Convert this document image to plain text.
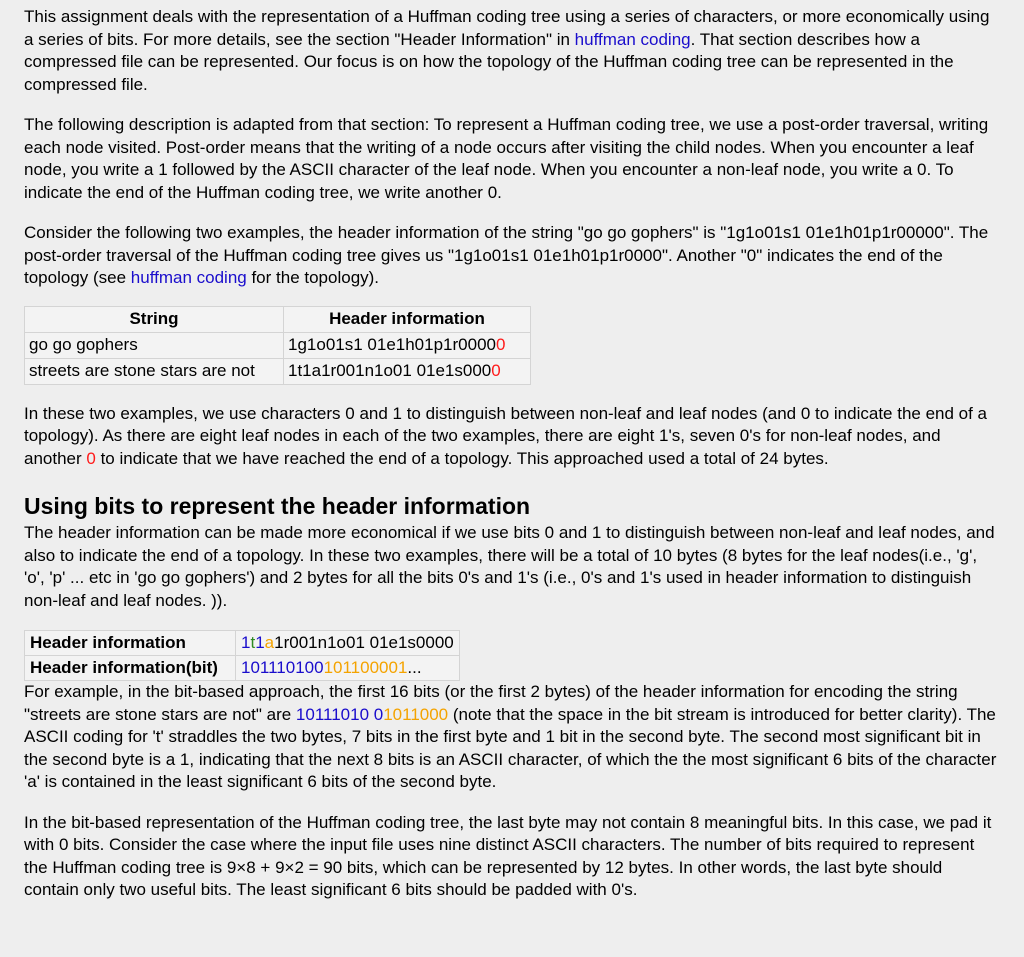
This assignment deals with the representation of a Huffman coding tree using a series of characters, or more economically using a series of bits. For more details, see the section "Header Information" in huffman coding. That section describes how a compressed file can be represented. Our focus is on how the topology of the Huffman coding tree can be represented in the compressed file.

The following description is adapted from that section: To represent a Huffman coding tree, we use a post-order traversal, writing each node visited. Post-order means that the writing of a node occurs after visiting the child nodes. When you encounter a leaf node, you write a 1 followed by the ASCII character of the leaf node. When you encounter a non-leaf node, you write a 0. To indicate the end of the Huffman coding tree, we write another 0.

Consider the following two examples, the header information of the string "go go gophers" is "1g1o01s1 01e1h01p1r00000". The post-order traversal of the Huffman coding tree gives us "1g1o01s1 01e1h01p1r0000". Another "0" indicates the end of the topology (see huffman coding for the topology).

String	Header information
go go gophers	1g1o01s1 01e1h01p1r00000
streets are stone stars are not	1t1a1r001n1o01 01e1s0000

In these two examples, we use characters 0 and 1 to distinguish between non-leaf and leaf nodes (and 0 to indicate the end of a topology). As there are eight leaf nodes in each of the two examples, there are eight 1's, seven 0's for non-leaf nodes, and another 0 to indicate that we have reached the end of a topology. This approached used a total of 24 bytes.

Using bits to represent the header information

The header information can be made more economical if we use bits 0 and 1 to distinguish between non-leaf and leaf nodes, and also to indicate the end of a topology. In these two examples, there will be a total of 10 bytes (8 bytes for the leaf nodes(i.e., 'g', 'o', 'p' ... etc in 'go go gophers') and 2 bytes for all the bits 0's and 1's (i.e., 0's and 1's used in header information to distinguish non-leaf and leaf nodes. )).

Header information	1t1a1r001n1o01 01e1s0000
Header information(bit)	101110100101100001...

For example, in the bit-based approach, the first 16 bits (or the first 2 bytes) of the header information for encoding the string "streets are stone stars are not" are 10111010 01011000 (note that the space in the bit stream is introduced for better clarity). The ASCII coding for 't' straddles the two bytes, 7 bits in the first byte and 1 bit in the second byte. The second most significant bit in the second byte is a 1, indicating that the next 8 bits is an ASCII character, of which the the most significant 6 bits of the character 'a' is contained in the least significant 6 bits of the second byte.

In the bit-based representation of the Huffman coding tree, the last byte may not contain 8 meaningful bits. In this case, we pad it with 0 bits. Consider the case where the input file uses nine distinct ASCII characters. The number of bits required to represent the Huffman coding tree is 9×8 + 9×2 = 90 bits, which can be represented by 12 bytes. In other words, the last byte should contain only two useful bits. The least significant 6 bits should be padded with 0's.
